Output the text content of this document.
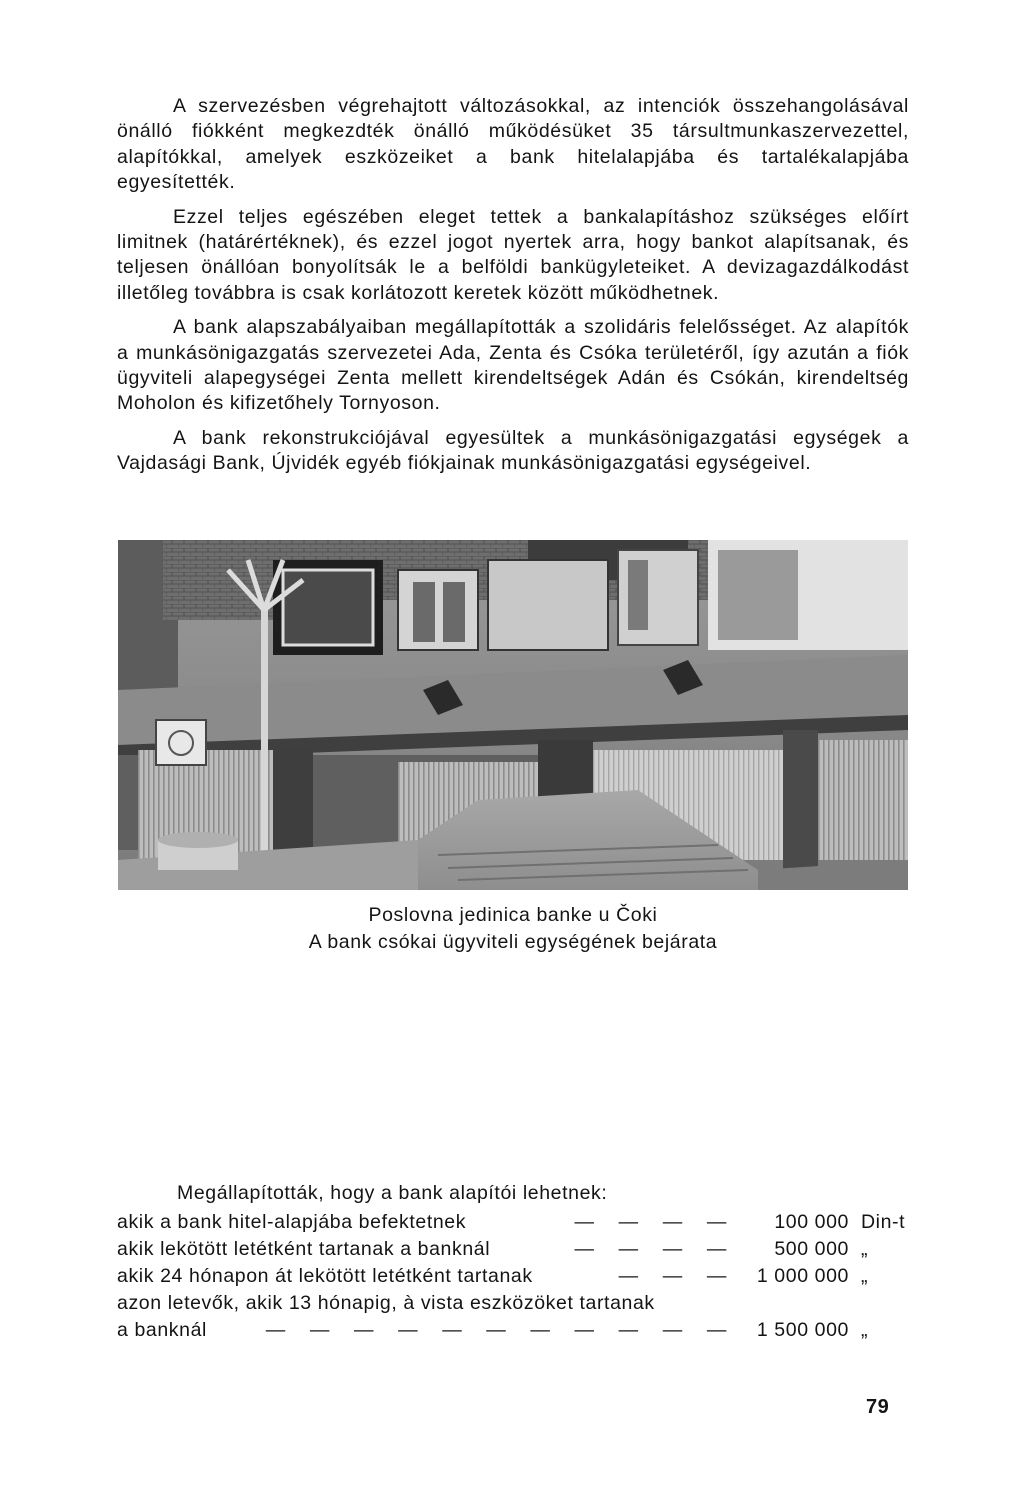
A szervezésben végrehajtott változásokkal, az intenciók összehangolásával önálló fiókként megkezdték önálló működésüket 35 társultmunkaszervezettel, alapítókkal, amelyek eszközeiket a bank hitelalapjába és tartalékalapjába egyesítették.

Ezzel teljes egészében eleget tettek a bankalapításhoz szükséges előírt limitnek (határértéknek), és ezzel jogot nyertek arra, hogy bankot alapítsanak, és teljesen önállóan bonyolítsák le a belföldi bankügyleteiket. A devizagazdálkodást illetőleg továbbra is csak korlátozott keretek között működhetnek.

A bank alapszabályaiban megállapították a szolidáris felelősséget. Az alapítók a munkásönigazgatás szervezetei Ada, Zenta és Csóka területéről, így azután a fiók ügyviteli alapegységei Zenta mellett kirendeltségek Adán és Csókán, kirendeltség Moholon és kifizetőhely Tornyoson.

A bank rekonstrukciójával egyesültek a munkásönigazgatási egységek a Vajdasági Bank, Újvidék egyéb fiókjainak munkásönigazgatási egységeivel.

Poslovna jedinica banke u Čoki
A bank csókai ügyviteli egységének bejárata
Megállapították, hogy a bank alapítói lehetnek:
akik a bank hitel-alapjába befektetnek	— — — —	100 000 Din-t
akik lekötött letétként tartanak a banknál	— — — —	500 000 „
akik 24 hónapon át lekötött letétként tartanak	— — —	1 000 000 „
azon letevők, akik 13 hónapig, à vista eszközöket tartanak
a banknál	— — — — — — — — — — —	1 500 000 „
79
